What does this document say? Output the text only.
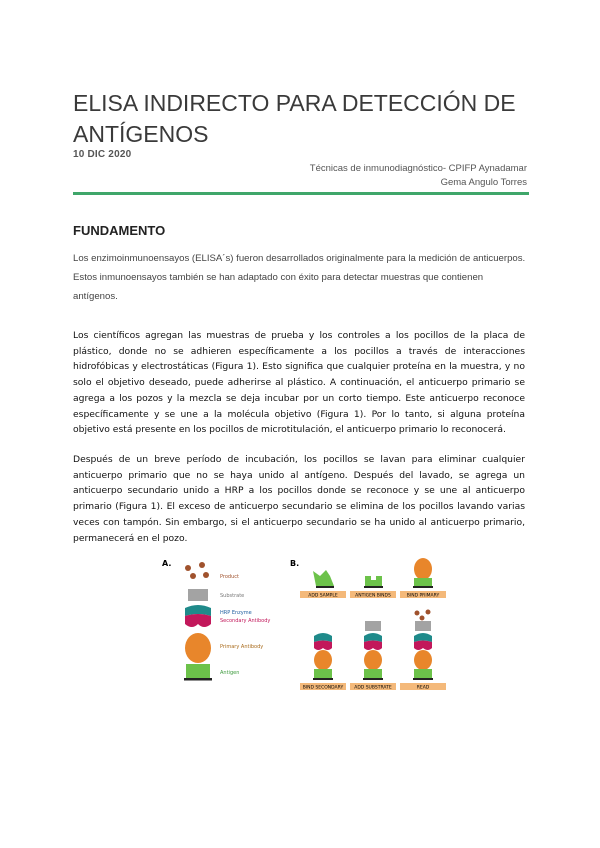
ELISA INDIRECTO PARA DETECCIÓN DE ANTÍGENOS
10 DIC 2020
Técnicas de inmunodiagnóstico- CPIFP Aynadamar
Gema Angulo Torres
FUNDAMENTO

Los enzimoinmunoensayos (ELISA´s) fueron desarrollados originalmente para la medición de anticuerpos. Estos inmunoensayos también se han adaptado con éxito para detectar muestras que contienen antígenos.

Los científicos agregan las muestras de prueba y los controles a los pocillos de la placa de plástico, donde no se adhieren específicamente a los pocillos a través de interacciones hidrofóbicas y electrostáticas (Figura 1). Esto significa que cualquier proteína en la muestra, y no solo el objetivo deseado, puede adherirse al plástico. A continuación, el anticuerpo primario se agrega a los pozos y la mezcla se deja incubar por un corto tiempo. Este anticuerpo reconoce específicamente y se une a la molécula objetivo (Figura 1). Por lo tanto, si alguna proteína objetivo está presente en los pocillos de microtitulación, el anticuerpo primario lo reconocerá.

Después de un breve período de incubación, los pocillos se lavan para eliminar cualquier anticuerpo primario que no se haya unido al antígeno. Después del lavado, se agrega un anticuerpo secundario unido a HRP a los pocillos donde se reconoce y se une al anticuerpo primario (Figura 1). El exceso de anticuerpo secundario se elimina de los pocillos lavando varias veces con tampón. Sin embargo, si el anticuerpo secundario se ha unido al anticuerpo primario, permanecerá en el pozo.

A.
Product
Substrate
HRP Enzyme
Secondary Antibody
Primary Antibody
Antigen
B.
ADD SAMPLE	ANTIGEN BINDS	BIND PRIMARY
BIND SECONDARY ADD SUBSTRATE	READ
